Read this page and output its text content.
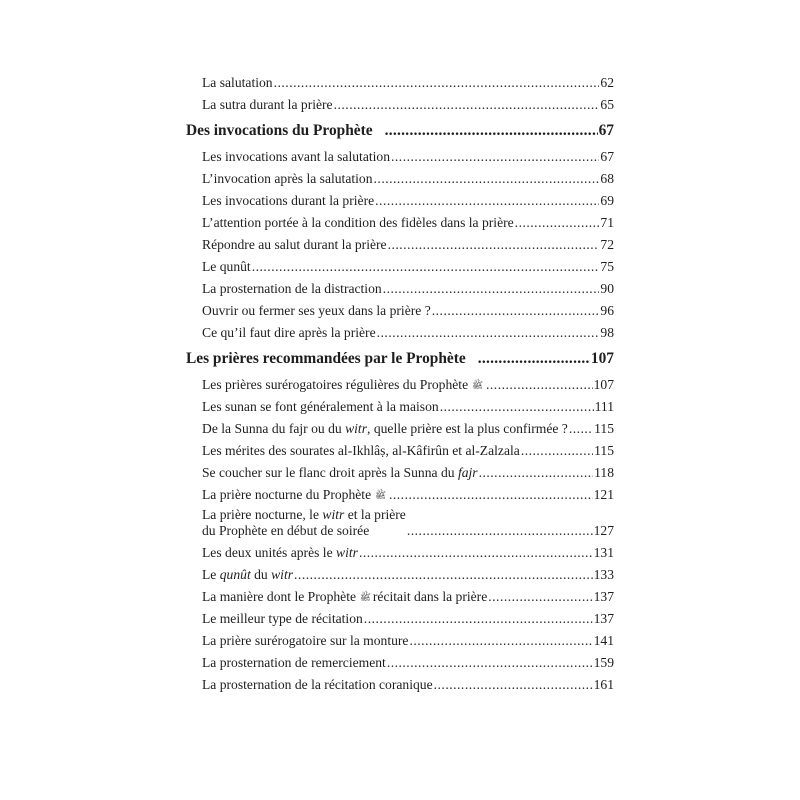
La salutation .....	62
La sutra durant la prière .....	65
Des invocations du Prophète .....	67
Les invocations avant la salutation .....	67
L’invocation après la salutation .....	68
Les invocations durant la prière .....	69
L’attention portée à la condition des fidèles dans la prière .....	71
Répondre au salut durant la prière .....	72
Le qunût .....	75
La prosternation de la distraction .....	90
Ouvrir ou fermer ses yeux dans la prière ? .....	96
Ce qu’il faut dire après la prière .....	98
Les prières recommandées par le Prophète .....	107
Les prières surérogatoires régulières du Prophète ﷺ .....	107
Les sunan se font généralement à la maison .....	111
De la Sunna du fajr ou du witr, quelle prière est la plus confirmée ? ..... 115
Les mérites des sourates al-Ikhlâṣ, al-Kâfirûn et al-Zalzala .....	115
Se coucher sur le flanc droit après la Sunna du fajr .....	118
La prière nocturne du Prophète ﷺ .....	121
La prière nocturne, le witr et la prière
du Prophète en début de soirée .....	127
Les deux unités après le witr .....	131
Le qunût du witr .....	133
La manière dont le Prophète ﷺ récitait dans la prière .....	137
Le meilleur type de récitation .....	137
La prière surérogatoire sur la monture .....	141
La prosternation de remerciement .....	159
La prosternation de la récitation coranique .....	161
